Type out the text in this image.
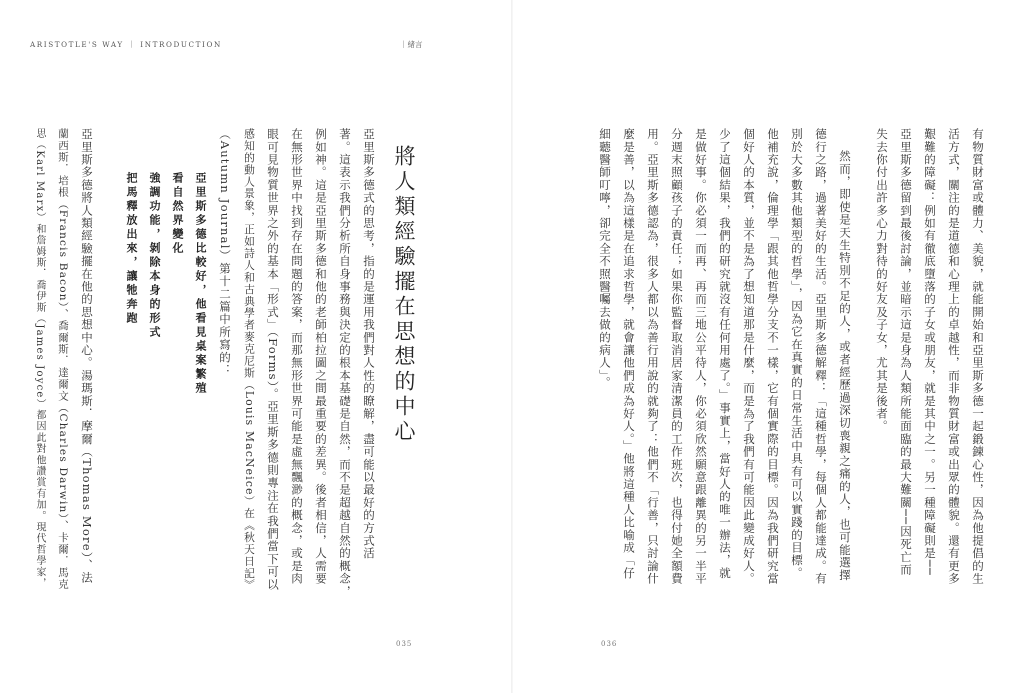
ARISTOTLE'S WAY ｜ INTRODUCTION	｜緒言
將人類經驗擺在思想的中心
亞里斯多德式的思考，指的是運用我們對人性的瞭解，盡可能以最好的方式活
著。這表示我們分析所自身事務與決定的根本基礎是自然，而不是超越自然的概念，
例如神。這是亞里斯多德和他的老師柏拉圖之間最重要的差異。後者相信，人需要
在無形世界中找到存在問題的答案，而那無形世界可能是虛無飄渺的概念，或是肉
眼可見物質世界之外的基本「形式」（Forms）。亞里斯多德則專注在我們當下可以
感知的動人景象，正如詩人和古典學者麥克尼斯（Louis MacNeice）在《秋天日記》
（Autumn Journal）第十二篇中所寫的：
亞里斯多德比較好，他看見桌案繁殖
看自然界變化
強調功能，剝除本身的形式
把馬釋放出來，讓牠奔跑
亞里斯多德將人類經驗擺在他的思想中心。湯瑪斯．摩爾（Thomas More）、法
蘭西斯．培根（Francis Bacon）、喬爾斯．達爾文（Charles Darwin）、卡爾．馬克
思（Karl Marx）和詹姆斯．喬伊斯（James Joyce）都因此對他讚賞有加。現代哲學家，
035
有物質財富或體力、美貌，就能開始和亞里斯多德一起鍛鍊心性，因為他提倡的生
活方式，關注的是道德和心理上的卓越性，而非物質財富或出眾的體貌。還有更多
艱難的障礙：例如有徹底墮落的子女或朋友，就是其中之一。另一種障礙則是──
亞里斯多德留到最後討論，並暗示這是身為人類所能面臨的最大難關──因死亡而
失去你付出許多心力對待的好友及子女，尤其是後者。
然而，即使是天生特別不足的人，或者經歷過深切喪親之痛的人，也可能選擇
德行之路，過著美好的生活。亞里斯多德解釋：「這種哲學，每個人都能達成。有
別於大多數其他類型的哲學」，因為它在真實的日常生活中具有可以實踐的目標。
他補充說，倫理學「跟其他哲學分支不一樣，它有個實際的目標。因為我們研究當
個好人的本質，並不是為了想知道那是什麼，而是為了我們有可能因此變成好人。
少了這個結果，我們的研究就沒有任何用處了。」事實上，當好人的唯一辦法，就
是做好事。你必須一而再、再而三地公平待人，你必須欣然願意跟離異的另一半平
分週末照顧孩子的責任；如果你監督取消居家清潔員的工作班次，也得付她全額費
用。亞里斯多德認為，很多人都以為善行用說的就夠了：他們不「行善，只討論什
麼是善，以為這樣是在追求哲學，就會讓他們成為好人。」他將這種人比喻成「仔
細聽醫師叮嚀，卻完全不照醫囑去做的病人」。
036
